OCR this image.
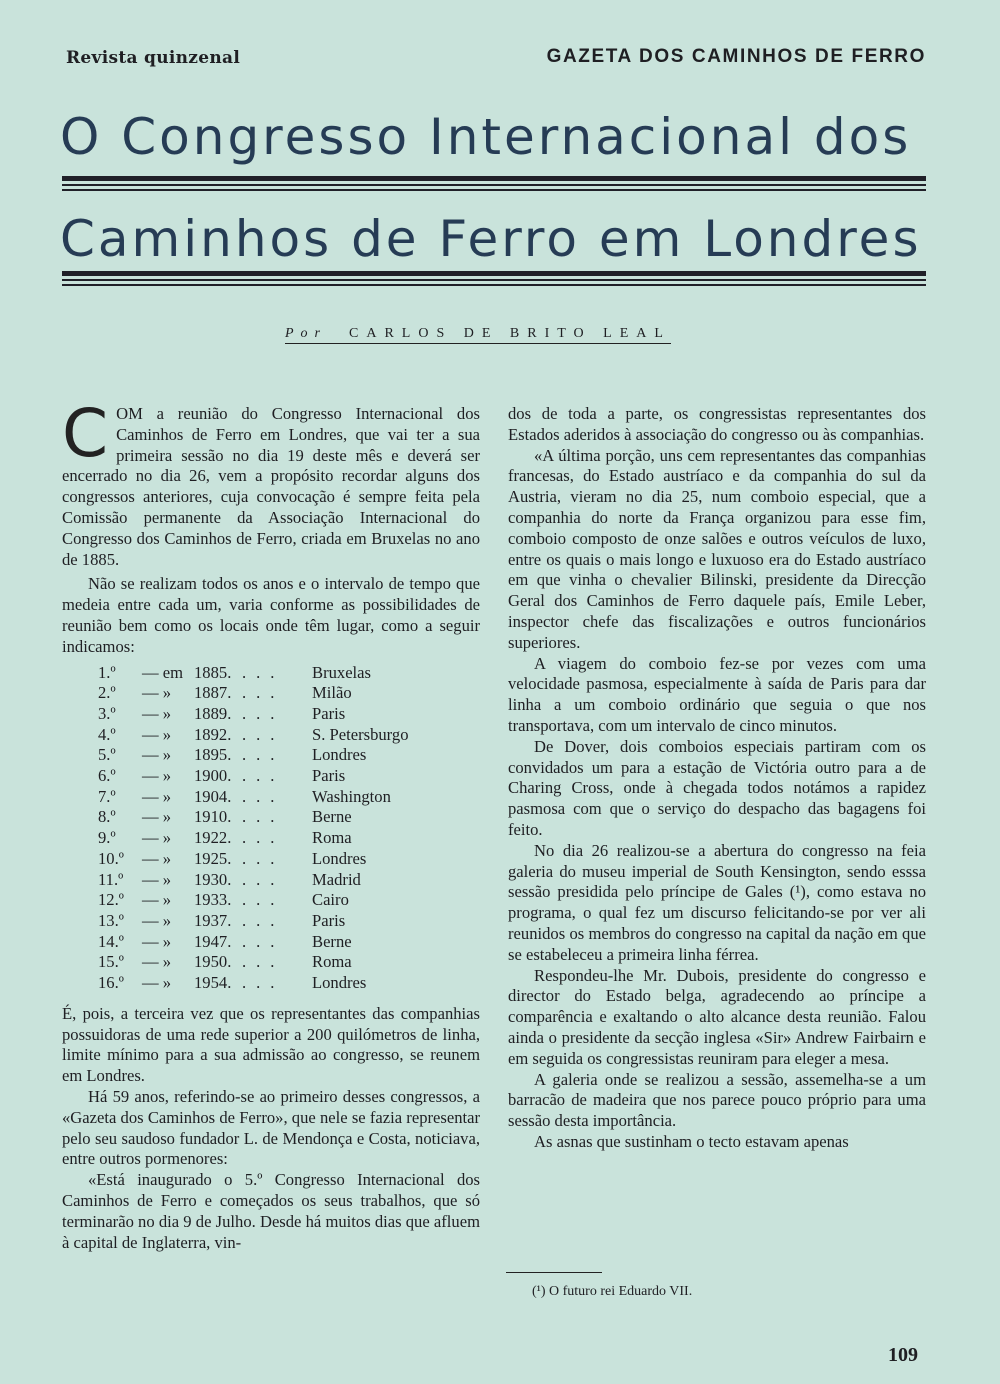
Revista quinzenal	GAZETA DOS CAMINHOS DE FERRO
O Congresso Internacional dos
Caminhos de Ferro em Londres
Por CARLOS DE BRITO LEAL

COM a reunião do Congresso Internacional dos Caminhos de Ferro em Londres, que vai ter a sua primeira sessão no dia 19 deste mês e deverá ser encerrado no dia 26, vem a propósito recordar alguns dos congressos anteriores, cuja convocação é sempre feita pela Comissão permanente da Associação Internacional do Congresso dos Caminhos de Ferro, criada em Bruxelas no ano de 1885.

Não se realizam todos os anos e o intervalo de tempo que medeia entre cada um, varia conforme as possibilidades de reunião bem como os locais onde têm lugar, como a seguir indicamos:

1.º	— em	1885.	...	Bruxelas
2.º	— »	1887.	...	Milão
3.º	— »	1889.	...	Paris
4.º	— »	1892.	...	S. Petersburgo
5.º	— »	1895.	...	Londres
6.º	— »	1900.	...	Paris
7.º	— »	1904.	...	Washington
8.º	— »	1910.	...	Berne
9.º	— »	1922.	...	Roma
10.º	— »	1925.	...	Londres
11.º	— »	1930.	...	Madrid
12.º	— »	1933.	...	Cairo
13.º	— »	1937.	...	Paris
14.º	— »	1947.	...	Berne
15.º	— »	1950.	...	Roma
16.º	— »	1954.	...	Londres

É, pois, a terceira vez que os representantes das companhias possuidoras de uma rede superior a 200 quilómetros de linha, limite mínimo para a sua admissão ao congresso, se reunem em Londres.

Há 59 anos, referindo-se ao primeiro desses congressos, a «Gazeta dos Caminhos de Ferro», que nele se fazia representar pelo seu saudoso fundador L. de Mendonça e Costa, noticiava, entre outros pormenores:

«Está inaugurado o 5.º Congresso Internacional dos Caminhos de Ferro e começados os seus trabalhos, que só terminarão no dia 9 de Julho. Desde há muitos dias que afluem à capital de Inglaterra, vin-

dos de toda a parte, os congressistas representantes dos Estados aderidos à associação do congresso ou às companhias.

«A última porção, uns cem representantes das companhias francesas, do Estado austríaco e da companhia do sul da Austria, vieram no dia 25, num comboio especial, que a companhia do norte da França organizou para esse fim, comboio composto de onze salões e outros veículos de luxo, entre os quais o mais longo e luxuoso era do Estado austríaco em que vinha o chevalier Bilinski, presidente da Direcção Geral dos Caminhos de Ferro daquele país, Emile Leber, inspector chefe das fiscalizações e outros funcionários superiores.

A viagem do comboio fez-se por vezes com uma velocidade pasmosa, especialmente à saída de Paris para dar linha a um comboio ordinário que seguia o que nos transportava, com um intervalo de cinco minutos.

De Dover, dois comboios especiais partiram com os convidados um para a estação de Victória outro para a de Charing Cross, onde à chegada todos notámos a rapidez pasmosa com que o serviço do despacho das bagagens foi feito.

No dia 26 realizou-se a abertura do congresso na feia galeria do museu imperial de South Kensington, sendo esssa sessão presidida pelo príncipe de Gales (¹), como estava no programa, o qual fez um discurso felicitando-se por ver ali reunidos os membros do congresso na capital da nação em que se estabeleceu a primeira linha férrea.

Respondeu-lhe Mr. Dubois, presidente do congresso e director do Estado belga, agradecendo ao príncipe a comparência e exaltando o alto alcance desta reunião. Falou ainda o presidente da secção inglesa «Sir» Andrew Fairbairn e em seguida os congressistas reuniram para eleger a mesa.

A galeria onde se realizou a sessão, assemelha-se a um barracão de madeira que nos parece pouco próprio para uma sessão desta importância.

As asnas que sustinham o tecto estavam apenas

(¹) O futuro rei Eduardo VII.
109
